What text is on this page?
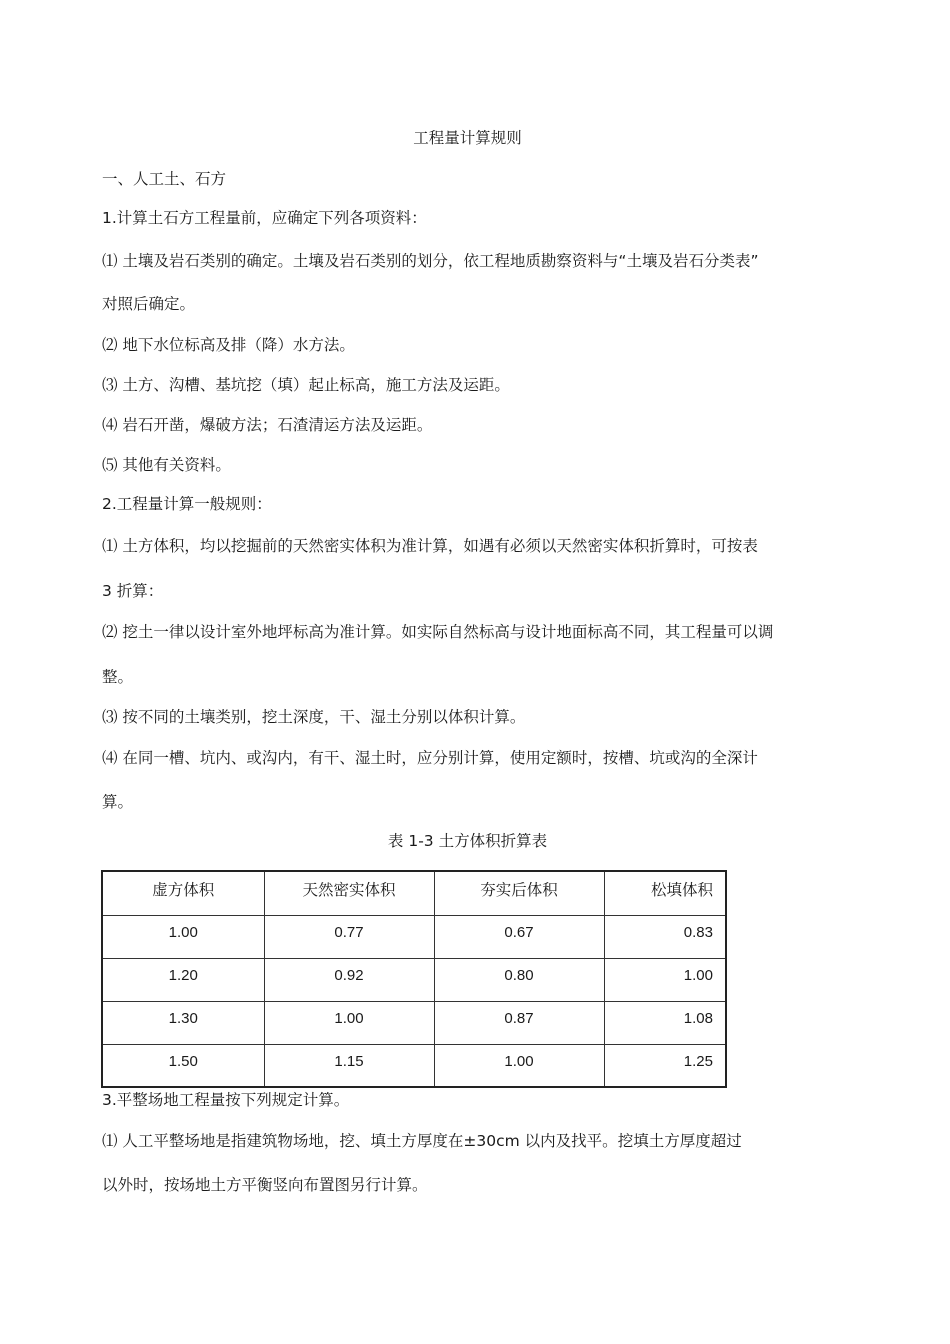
工程量计算规则
一、人工土、石方
1.计算土石方工程量前，应确定下列各项资料：
⑴ 土壤及岩石类别的确定。土壤及岩石类别的划分，依工程地质勘察资料与“土壤及岩石分类表”
对照后确定。
⑵ 地下水位标高及排（降）水方法。
⑶ 土方、沟槽、基坑挖（填）起止标高，施工方法及运距。
⑷ 岩石开凿，爆破方法；石渣清运方法及运距。
⑸ 其他有关资料。
2.工程量计算一般规则：
⑴ 土方体积，均以挖掘前的天然密实体积为准计算，如遇有必须以天然密实体积折算时，可按表
3 折算：
⑵ 挖土一律以设计室外地坪标高为准计算。如实际自然标高与设计地面标高不同，其工程量可以调
整。
⑶ 按不同的土壤类别，挖土深度，干、湿土分别以体积计算。
⑷ 在同一槽、坑内、或沟内，有干、湿土时，应分别计算，使用定额时，按槽、坑或沟的全深计
算。
表 1-3 土方体积折算表
虚方体积	天然密实体积	夯实后体积	松填体积
1.00	0.77	0.67	0.83
1.20	0.92	0.80	1.00
1.30	1.00	0.87	1.08
1.50	1.15	1.00	1.25
3.平整场地工程量按下列规定计算。
⑴ 人工平整场地是指建筑物场地，挖、填土方厚度在±30cm 以内及找平。挖填土方厚度超过
以外时，按场地土方平衡竖向布置图另行计算。
